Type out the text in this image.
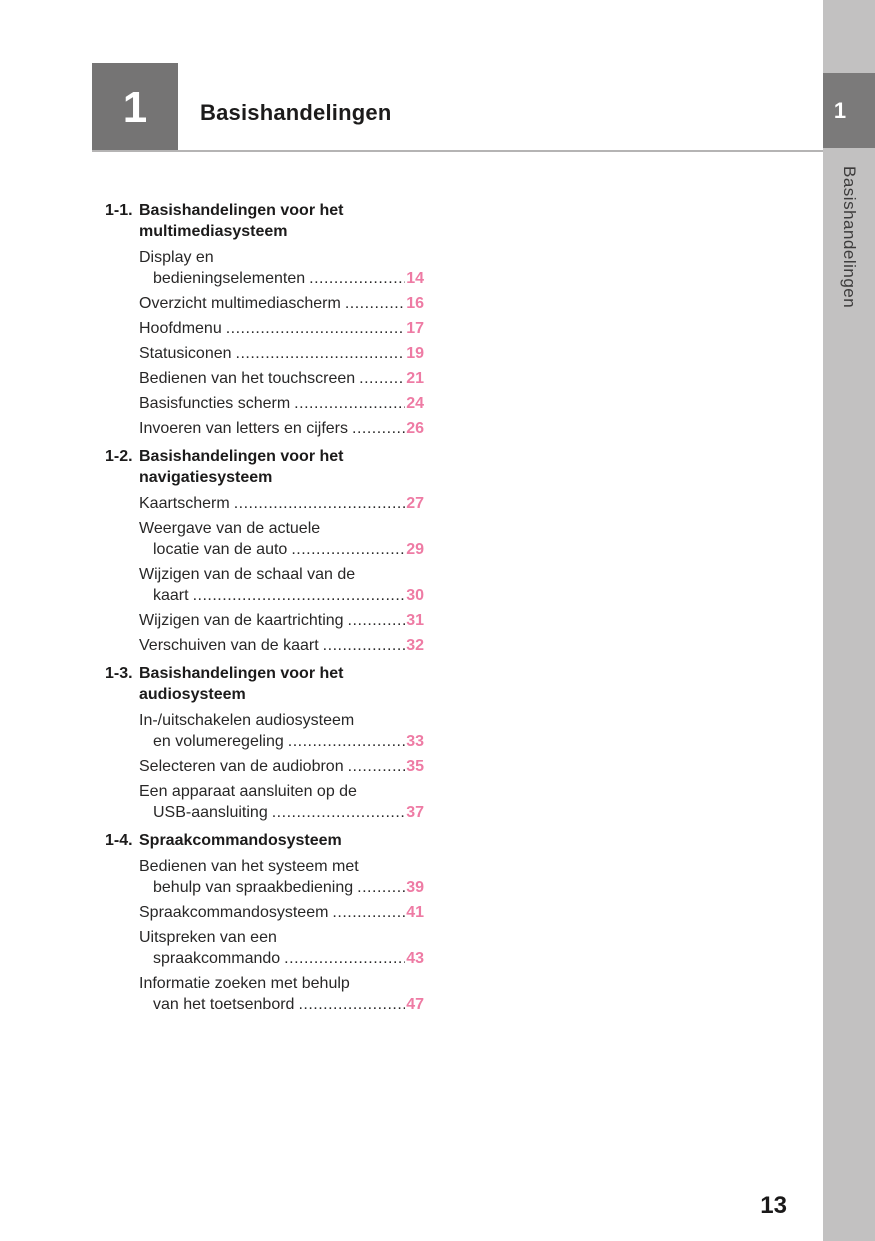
1 Basishandelingen	1
Basishandelingen
1-1. Basishandelingen voor het
multimediasysteem
Display en
bedieningselementen .....	14
Overzicht multimediascherm .....	16
Hoofdmenu .....	17
Statusiconen .....	19
Bedienen van het touchscreen .....	21
Basisfuncties scherm .....	24
Invoeren van letters en cijfers .....	26
1-2. Basishandelingen voor het
navigatiesysteem
Kaartscherm .....	27
Weergave van de actuele
locatie van de auto .....	29
Wijzigen van de schaal van de
kaart .....	30
Wijzigen van de kaartrichting .....	31
Verschuiven van de kaart .....	32
1-3. Basishandelingen voor het
audiosysteem
In-/uitschakelen audiosysteem
en volumeregeling .....	33
Selecteren van de audiobron .....	35
Een apparaat aansluiten op de
USB-aansluiting .....	37
1-4. Spraakcommandosysteem
Bedienen van het systeem met
behulp van spraakbediening .....	39
Spraakcommandosysteem .....	41
Uitspreken van een
spraakcommando .....	43
Informatie zoeken met behulp
van het toetsenbord .....	47
13
